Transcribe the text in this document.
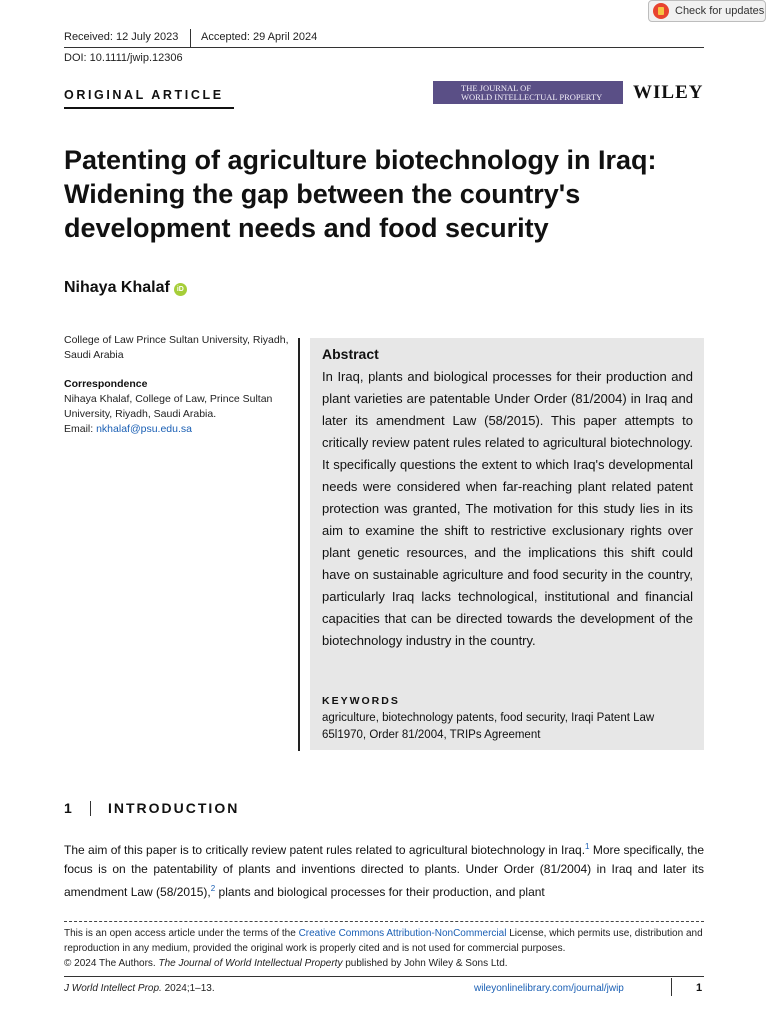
Check for updates
Received: 12 July 2023 Accepted: 29 April 2024
DOI: 10.1111/jwip.12306
ORIGINAL ARTICLE	THE JOURNAL OF
WORLD INTELLECTUAL PROPERTY	WILEY
Patenting of agriculture biotechnology in Iraq: Widening the gap between the country's development needs and food security
Nihaya Khalaf iD
College of Law Prince Sultan University, Riyadh, Saudi Arabia
Correspondence
Nihaya Khalaf, College of Law, Prince Sultan University, Riyadh, Saudi Arabia.
Email: nkhalaf@psu.edu.sa
Abstract
In Iraq, plants and biological processes for their production and plant varieties are patentable Under Order (81/2004) in Iraq and later its amendment Law (58/2015). This paper attempts to critically review patent rules related to agricultural biotechnology. It specifically questions the extent to which Iraq's developmental needs were considered when far-reaching plant related patent protection was granted, The motivation for this study lies in its aim to examine the shift to restrictive exclusionary rights over plant genetic resources, and the implications this shift could have on sustainable agriculture and food security in the country, particularly Iraq lacks technological, institutional and financial capacities that can be directed towards the development of the biotechnology industry in the country.
KEYWORDS
agriculture, biotechnology patents, food security, Iraqi Patent Law 65l1970, Order 81/2004, TRIPs Agreement
1 INTRODUCTION
The aim of this paper is to critically review patent rules related to agricultural biotechnology in Iraq.$^1$ More specifically, the focus is on the patentability of plants and inventions directed to plants. Under Order (81/2004) in Iraq and later its amendment Law (58/2015),$^2$ plants and biological processes for their production, and plant
This is an open access article under the terms of the Creative Commons Attribution-NonCommercial License, which permits use, distribution and reproduction in any medium, provided the original work is properly cited and is not used for commercial purposes.
© 2024 The Authors. The Journal of World Intellectual Property published by John Wiley & Sons Ltd.
J World Intellect Prop. 2024;1–13.	wileyonlinelibrary.com/journal/jwip	1
